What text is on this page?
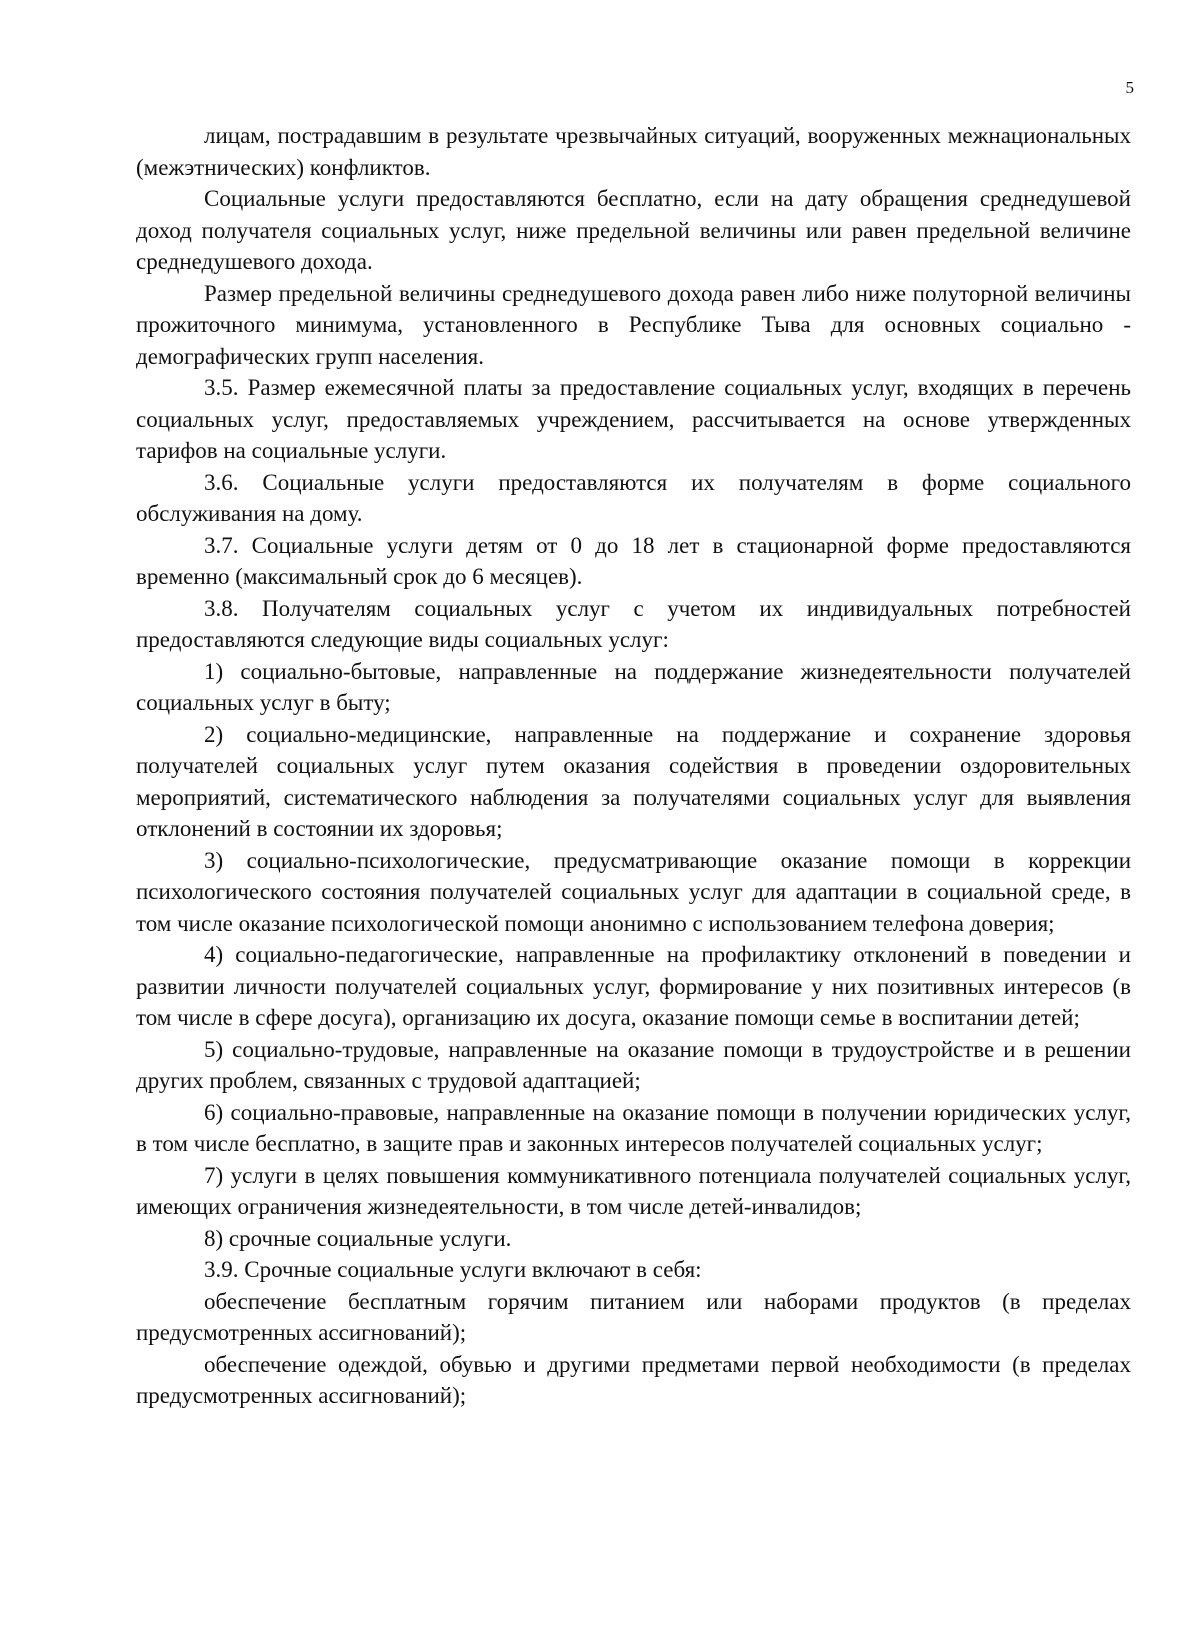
5

лицам, пострадавшим в результате чрезвычайных ситуаций, вооруженных межнациональных (межэтнических) конфликтов.

Социальные услуги предоставляются бесплатно, если на дату обращения среднедушевой доход получателя социальных услуг, ниже предельной величины или равен предельной величине среднедушевого дохода.

Размер предельной величины среднедушевого дохода равен либо ниже полуторной величины прожиточного минимума, установленного в Республике Тыва для основных социально - демографических групп населения.

3.5. Размер ежемесячной платы за предоставление социальных услуг, входящих в перечень социальных услуг, предоставляемых учреждением, рассчитывается на основе утвержденных тарифов на социальные услуги.

3.6. Социальные услуги предоставляются их получателям в форме социального обслуживания на дому.

3.7. Социальные услуги детям от 0 до 18 лет в стационарной форме предоставляются временно (максимальный срок до 6 месяцев).

3.8. Получателям социальных услуг с учетом их индивидуальных потребностей предоставляются следующие виды социальных услуг:

1) социально-бытовые, направленные на поддержание жизнедеятельности получателей социальных услуг в быту;

2) социально-медицинские, направленные на поддержание и сохранение здоровья получателей социальных услуг путем оказания содействия в проведении оздоровительных мероприятий, систематического наблюдения за получателями социальных услуг для выявления отклонений в состоянии их здоровья;

3) социально-психологические, предусматривающие оказание помощи в коррекции психологического состояния получателей социальных услуг для адаптации в социальной среде, в том числе оказание психологической помощи анонимно с использованием телефона доверия;

4) социально-педагогические, направленные на профилактику отклонений в поведении и развитии личности получателей социальных услуг, формирование у них позитивных интересов (в том числе в сфере досуга), организацию их досуга, оказание помощи семье в воспитании детей;

5) социально-трудовые, направленные на оказание помощи в трудоустройстве и в решении других проблем, связанных с трудовой адаптацией;

6) социально-правовые, направленные на оказание помощи в получении юридических услуг, в том числе бесплатно, в защите прав и законных интересов получателей социальных услуг;

7) услуги в целях повышения коммуникативного потенциала получателей социальных услуг, имеющих ограничения жизнедеятельности, в том числе детей-инвалидов;

8) срочные социальные услуги.

3.9. Срочные социальные услуги включают в себя:

обеспечение бесплатным горячим питанием или наборами продуктов (в пределах предусмотренных ассигнований);

обеспечение одеждой, обувью и другими предметами первой необходимости (в пределах предусмотренных ассигнований);
